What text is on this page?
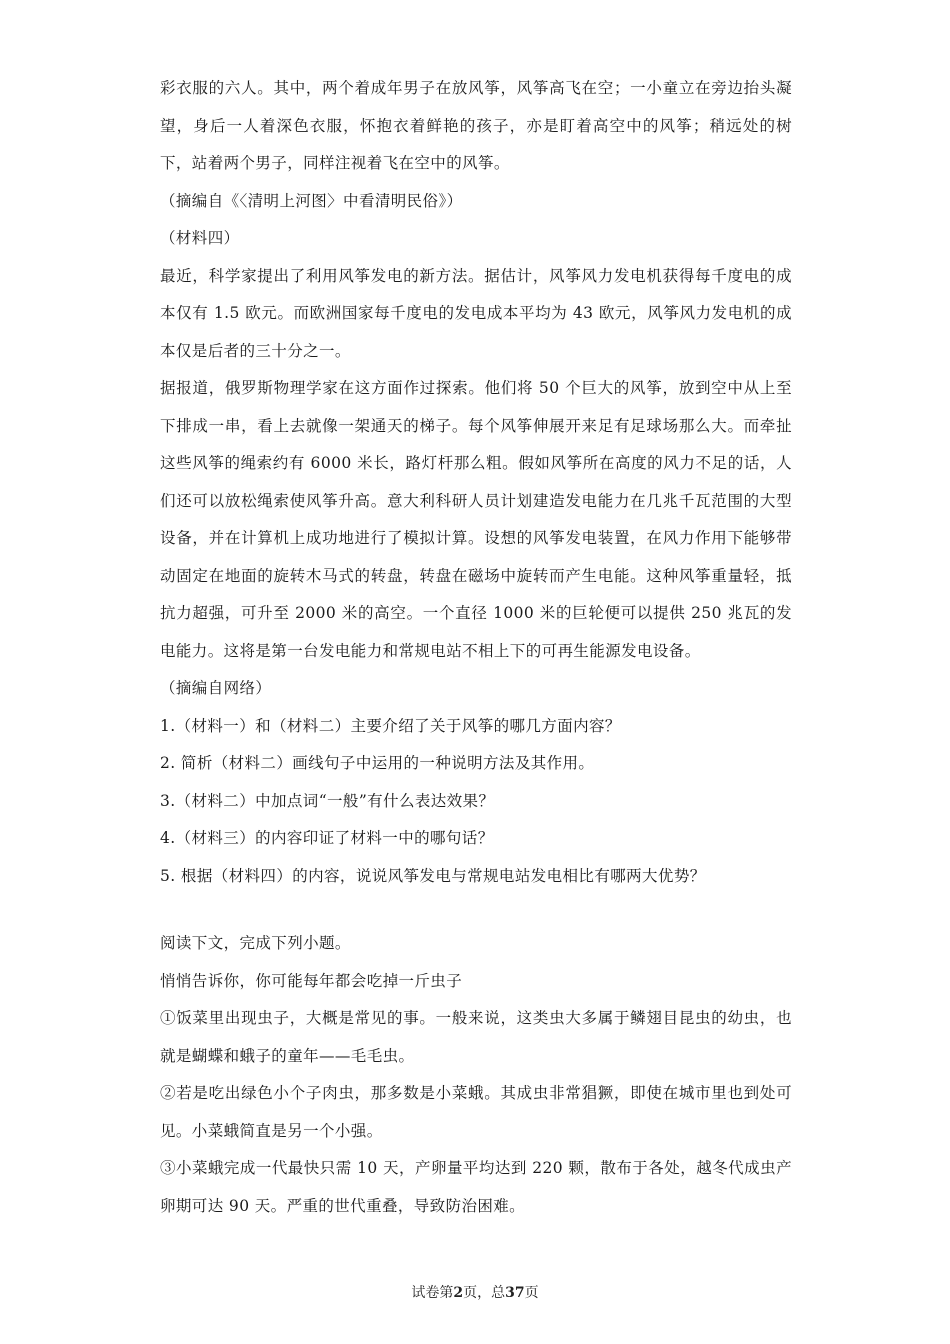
彩衣服的六人。其中，两个着成年男子在放风筝，风筝高飞在空；一小童立在旁边抬头凝望，身后一人着深色衣服，怀抱衣着鲜艳的孩子，亦是盯着高空中的风筝；稍远处的树下，站着两个男子，同样注视着飞在空中的风筝。

（摘编自《〈清明上河图〉中看清明民俗》）

（材料四）

最近，科学家提出了利用风筝发电的新方法。据估计，风筝风力发电机获得每千度电的成本仅有 1.5 欧元。而欧洲国家每千度电的发电成本平均为 43 欧元，风筝风力发电机的成本仅是后者的三十分之一。

据报道，俄罗斯物理学家在这方面作过探索。他们将 50 个巨大的风筝，放到空中从上至下排成一串，看上去就像一架通天的梯子。每个风筝伸展开来足有足球场那么大。而牵扯这些风筝的绳索约有 6000 米长，路灯杆那么粗。假如风筝所在高度的风力不足的话，人们还可以放松绳索使风筝升高。意大利科研人员计划建造发电能力在几兆千瓦范围的大型设备，并在计算机上成功地进行了模拟计算。设想的风筝发电装置，在风力作用下能够带动固定在地面的旋转木马式的转盘，转盘在磁场中旋转而产生电能。这种风筝重量轻，抵抗力超强，可升至 2000 米的高空。一个直径 1000 米的巨轮便可以提供 250 兆瓦的发电能力。这将是第一台发电能力和常规电站不相上下的可再生能源发电设备。

（摘编自网络）

1.（材料一）和（材料二）主要介绍了关于风筝的哪几方面内容？

2. 简析（材料二）画线句子中运用的一种说明方法及其作用。

3.（材料二）中加点词“一般”有什么表达效果？

4.（材料三）的内容印证了材料一中的哪句话？

5. 根据（材料四）的内容，说说风筝发电与常规电站发电相比有哪两大优势？

阅读下文，完成下列小题。

悄悄告诉你，你可能每年都会吃掉一斤虫子

①饭菜里出现虫子，大概是常见的事。一般来说，这类虫大多属于鳞翅目昆虫的幼虫，也就是蝴蝶和蛾子的童年——毛毛虫。

②若是吃出绿色小个子肉虫，那多数是小菜蛾。其成虫非常猖獗，即使在城市里也到处可见。小菜蛾简直是另一个小强。

③小菜蛾完成一代最快只需 10 天，产卵量平均达到 220 颗，散布于各处，越冬代成虫产卵期可达 90 天。严重的世代重叠，导致防治困难。

试卷第2页，总37页
